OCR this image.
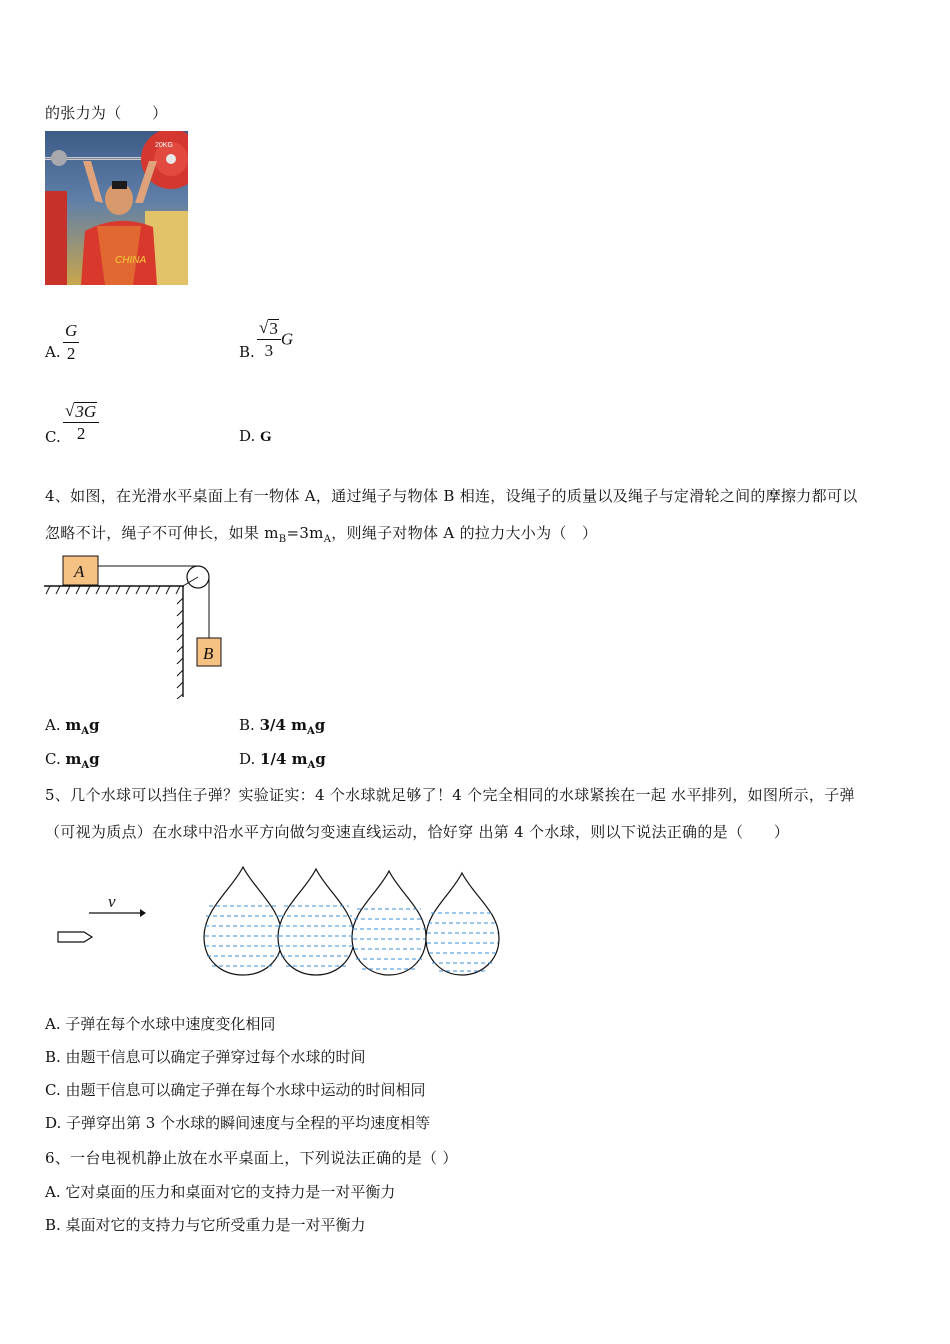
的张力为（　　）
20KG
CHINA
A. $\frac{G}{2}$	B. $\frac{√ 3}{3}$ G
C. $\frac{√ 3G}{2}$	D. G
4、如图，在光滑水平桌面上有一物体 A，通过绳子与物体 B 相连，设绳子的质量以及绳子与定滑轮之间的摩擦力都可以
忽略不计，绳子不可伸长，如果 $m_B=3m_A$，则绳子对物体 A 的拉力大小为（　）
A
B
A. $m_Ag$	B. 3/4 $m_Ag$
C. $m_Ag$	D. 1/4 $m_Ag$
5、几个水球可以挡住子弹？实验证实：4 个水球就足够了！4 个完全相同的水球紧挨在一起 水平排列，如图所示，子弹
（可视为质点）在水球中沿水平方向做匀变速直线运动，恰好穿 出第 4 个水球，则以下说法正确的是（　　）
v
A. 子弹在每个水球中速度变化相同
B. 由题干信息可以确定子弹穿过每个水球的时间
C. 由题干信息可以确定子弹在每个水球中运动的时间相同
D. 子弹穿出第 3 个水球的瞬间速度与全程的平均速度相等
6、一台电视机静止放在水平桌面上，下列说法正确的是（ ）
A. 它对桌面的压力和桌面对它的支持力是一对平衡力
B. 桌面对它的支持力与它所受重力是一对平衡力
